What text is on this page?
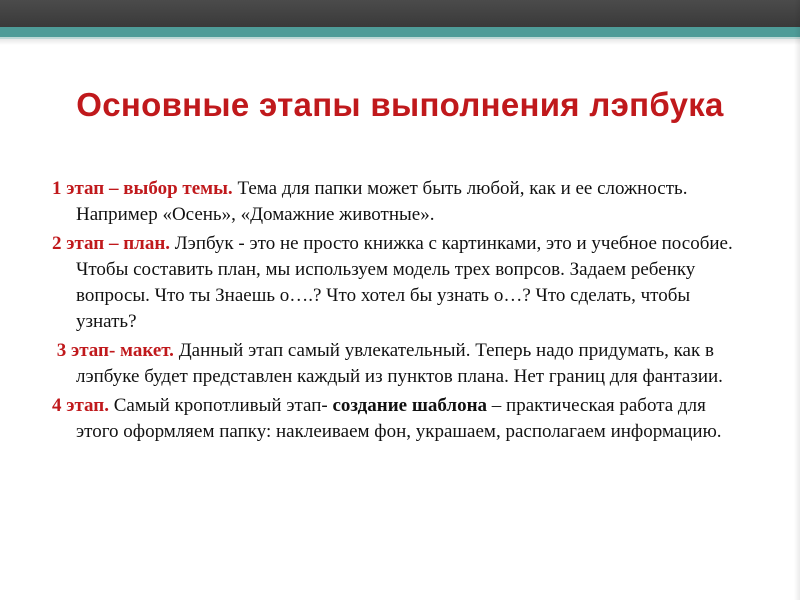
Основные этапы выполнения лэпбука

1 этап – выбор темы. Тема для папки может быть любой, как и ее сложность. Например «Осень», «Домажние животные».

2 этап – план. Лэпбук - это не просто книжка с картинками, это и учебное пособие. Чтобы составить план, мы используем модель трех вопрсов. Задаем ребенку вопросы. Что ты Знаешь о….? Что хотел бы узнать о…? Что сделать, чтобы узнать?

3 этап- макет. Данный этап самый увлекательный. Теперь надо придумать, как в лэпбуке будет представлен каждый из пунктов плана. Нет границ для фантазии.

4 этап. Самый кропотливый этап- создание шаблона – практическая работа для этого оформляем папку: наклеиваем фон, украшаем, располагаем информацию.
